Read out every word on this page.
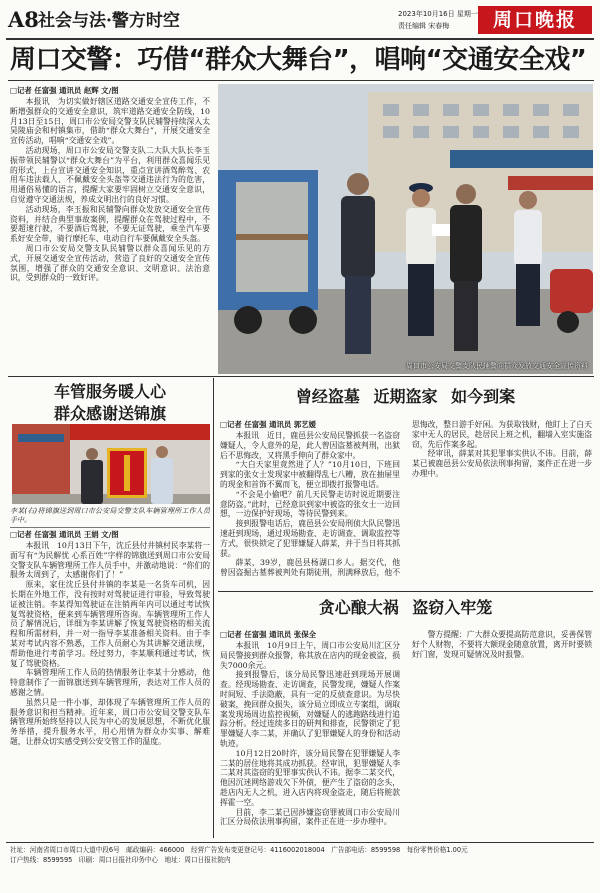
A8 社会与法·警方时空	2023年10月16日 星期一
责任编辑 宋春梅	周口晚报
周口交警：巧借“群众大舞台”，唱响“交通安全戏”
□记者 任富强 通讯员 赵辉 文/图

本报讯　为切实做好辖区道路交通安全宣传工作，不断增强群众的交通安全意识，筑牢道路交通安全防线，10月13日至15日，周口市公安局交警支队民辅警持续深入太昊陵庙会和村镇集市，借助“群众大舞台”，开展交通安全宣传活动，唱响“交通安全戏”。

活动现场，周口市公安局交警支队二大队大队长李玉振带领民辅警以“群众大舞台”为平台，利用群众喜闻乐见的形式，上台宣讲交通安全知识，重点宣讲酒驾醉驾、农用车违法载人、不佩戴安全头盔等交通违法行为的危害，用通俗易懂的语言，提醒大家要牢固树立交通安全意识，自觉遵守交通法规，养成文明出行的良好习惯。

活动现场，李玉振和民辅警向群众发放交通安全宣传资料，并结合典型事故案例，提醒群众在驾驶过程中，不要超速行驶，不要酒后驾驶，不要无证驾驶，乘坐汽车要系好安全带，骑行摩托车、电动自行车要佩戴安全头盔。

周口市公安局交警支队民辅警以群众喜闻乐见的方式，开展交通安全宣传活动，营造了良好的交通安全宣传氛围，增强了群众的交通安全意识、文明意识、法治意识，受到群众的一致好评。

周口市公安局交警支队民辅警向群众发放交通安全宣传资料
车管服务暖人心
群众感谢送锦旗
李某(右)将锦旗送到周口市公安局交警支队车辆管理所工作人员手中。
□记者 任富强 通讯员 王娟 文/图

本报讯　10月13日下午，沈丘县付井镇村民李某将一面写有“为民解忧 心系百姓”字样的锦旗送到周口市公安局交警支队车辆管理所工作人员手中，并激动地说：“你们的服务太周到了，太感谢你们了！”

原来，家住沈丘县付井镇的李某是一名货车司机，因长期在外地工作，没有按时对驾驶证进行审验，导致驾驶证被注销。李某得知驾驶证在注销两年内可以通过考试恢复驾驶资格，便来到车辆管理所咨询。车辆管理所工作人员了解情况后，详细为李某讲解了恢复驾驶资格的相关流程和所需材料，并一对一指导李某准备相关资料。由于李某对考试内容不熟悉，工作人员耐心为其讲解交通法规，帮助他进行考前学习。经过努力，李某顺利通过考试，恢复了驾驶资格。

车辆管理所工作人员的热情服务让李某十分感动，他特意制作了一面锦旗送到车辆管理所，表达对工作人员的感谢之情。

虽然只是一件小事，却体现了车辆管理所工作人员的服务意识和担当精神。近年来，周口市公安局交警支队车辆管理所始终坚持以人民为中心的发展思想，不断优化服务举措，提升服务水平，用心用情为群众办实事、解难题，让群众切实感受到公安交管工作的温度。

曾经盗墓 近期盗家 如今到案
□记者 任富强 通讯员 郭艺嫒

本报讯　近日，鹿邑县公安局民警抓获一名盗窃嫌疑人，令人意外的是，此人曾因盗墓被判刑，出狱后不思悔改，又将黑手伸向了群众家中。

“大白天家里竟然进了人？”10月10日，下班回到家的张女士发现家中被翻得乱七八糟，放在抽屉里的现金和首饰不翼而飞，便立即拨打报警电话。

“不会是小偷吧？前几天民警走访时说近期要注意防盗。”此时，已经意识到家中被盗的张女士一边回想，一边保护好现场，等待民警到来。

接到报警电话后，鹿邑县公安局刑侦大队民警迅速赶到现场，通过现场勘查、走访调查、调取监控等方式，很快锁定了犯罪嫌疑人薛某，并于当日将其抓获。

薛某，39岁，鹿邑县杨湖口乡人。据交代，他曾因盗掘古墓葬被判处有期徒刑，刑满释放后，他不思悔改，整日游手好闲。为获取钱财，他盯上了白天家中无人的居民，趁居民上班之机，翻墙入室实施盗窃，先后作案多起。

经审讯，薛某对其犯罪事实供认不讳。目前，薛某已被鹿邑县公安局依法刑事拘留，案件正在进一步办理中。

贪心酿大祸 盗窃入牢笼
□记者 任富强 通讯员 张保全

本报讯　10月9日上午，周口市公安局川汇区分局民警接到群众报警，称其放在店内的现金被盗，损失7000余元。

接到报警后，该分局民警迅速赶到现场开展调查。经现场勘查、走访调查，民警发现，嫌疑人作案时间短、手法隐蔽，具有一定的反侦查意识。为尽快破案，挽回群众损失，该分局立即成立专案组，调取案发现场周边监控视频，对嫌疑人的逃跑路线进行追踪分析。经过连续多日的研判和排查，民警锁定了犯罪嫌疑人李二某，并确认了犯罪嫌疑人的身份和活动轨迹。

10月12日20时许，该分局民警在犯罪嫌疑人李二某的居住地将其成功抓获。经审讯，犯罪嫌疑人李二某对其盗窃的犯罪事实供认不讳。据李二某交代，他因沉迷网络游戏欠下外债，便产生了盗窃的念头，趁店内无人之机，进入店内将现金盗走，随后将赃款挥霍一空。

目前，李二某已因涉嫌盗窃罪被周口市公安局川汇区分局依法刑事拘留，案件正在进一步办理中。

警方提醒：广大群众要提高防范意识，妥善保管好个人财物，不要将大额现金随意放置，离开时要锁好门窗，发现可疑情况及时报警。

社址：河南省周口市周口大道中段6号　邮政编码：466000　经营广告发布变更登记号：4116002018004　广告部电话：8599598　每份零售价格1.00元
订户热线：8599595　印刷：周口日报社印务中心　地址：周口日报社院内
